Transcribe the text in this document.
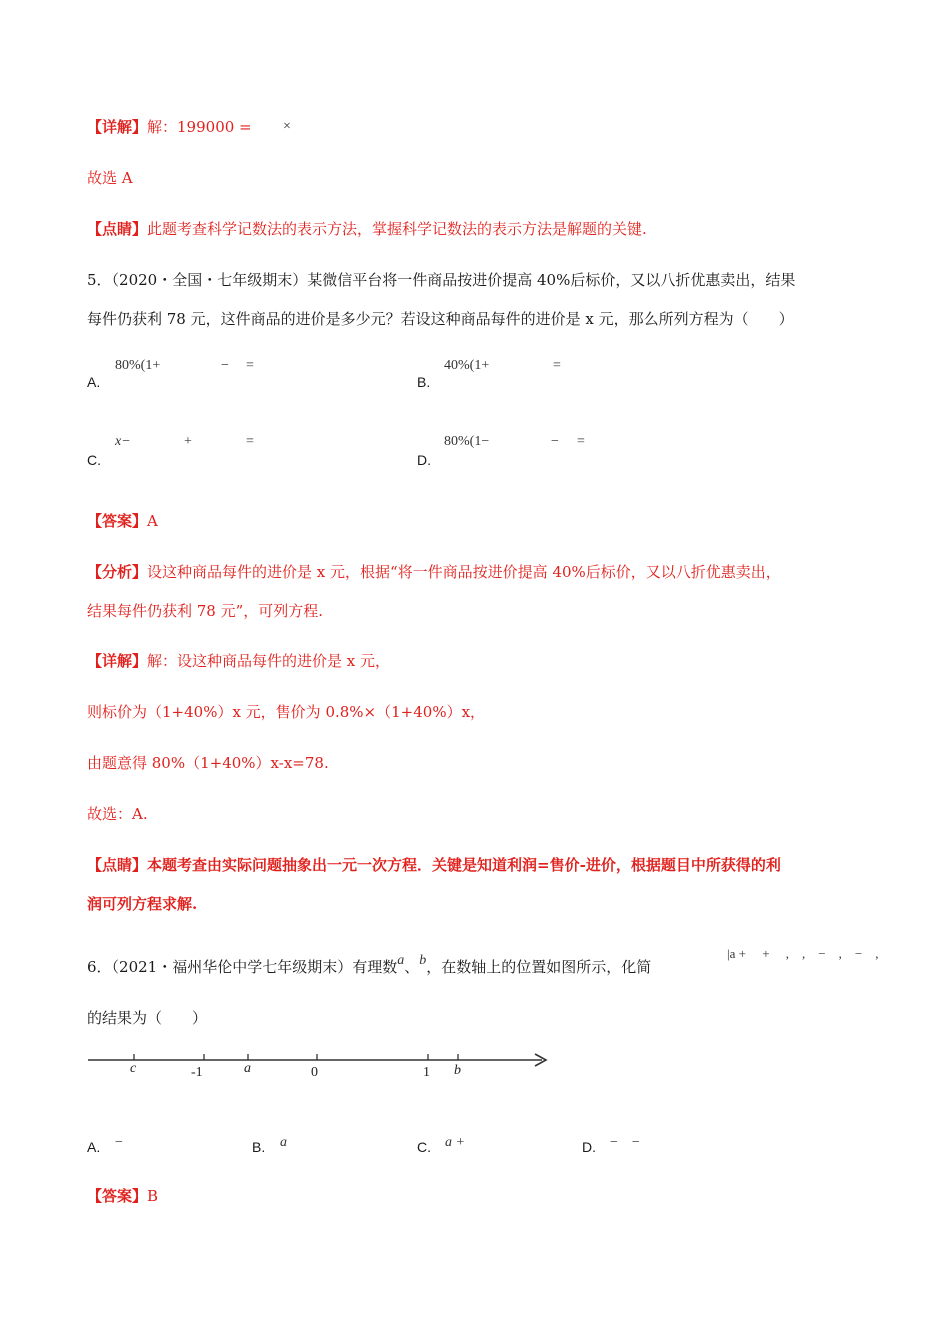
【详解】解：199000 = ×
故选 A
【点睛】此题考查科学记数法的表示方法，掌握科学记数法的表示方法是解题的关键.
5．（2020・全国・七年级期末）某微信平台将一件商品按进价提高 40%后标价，又以八折优惠卖出，结果
每件仍获利 78 元，这件商品的进价是多少元？若设这种商品每件的进价是 x 元，那么所列方程为（　　）
A.
80%(1+	− =
B.
40%(1+	=
C.
x−	+	=
D.
80%(1−	− =
【答案】A
【分析】设这种商品每件的进价是 x 元，根据“将一件商品按进价提高 40%后标价，又以八折优惠卖出，
结果每件仍获利 78 元”，可列方程.
【详解】解：设这种商品每件的进价是 x 元，
则标价为（1+40%）x 元，售价为 0.8%×（1+40%）x，
由题意得 80%（1+40%）x-x=78.
故选：A.
【点睛】本题考查由实际问题抽象出一元一次方程．关键是知道利润=售价-进价，根据题目中所获得的利
润可列方程求解.
6．（2021・福州华伦中学七年级期末）有理数a、b，在数轴上的位置如图所示，化简
|a +　 +　 ,　,　−　,　−　,
的结果为（　　）
c	-1	a	0	1 b
A. −	B. a	C. a +	D. −　−
【答案】B
